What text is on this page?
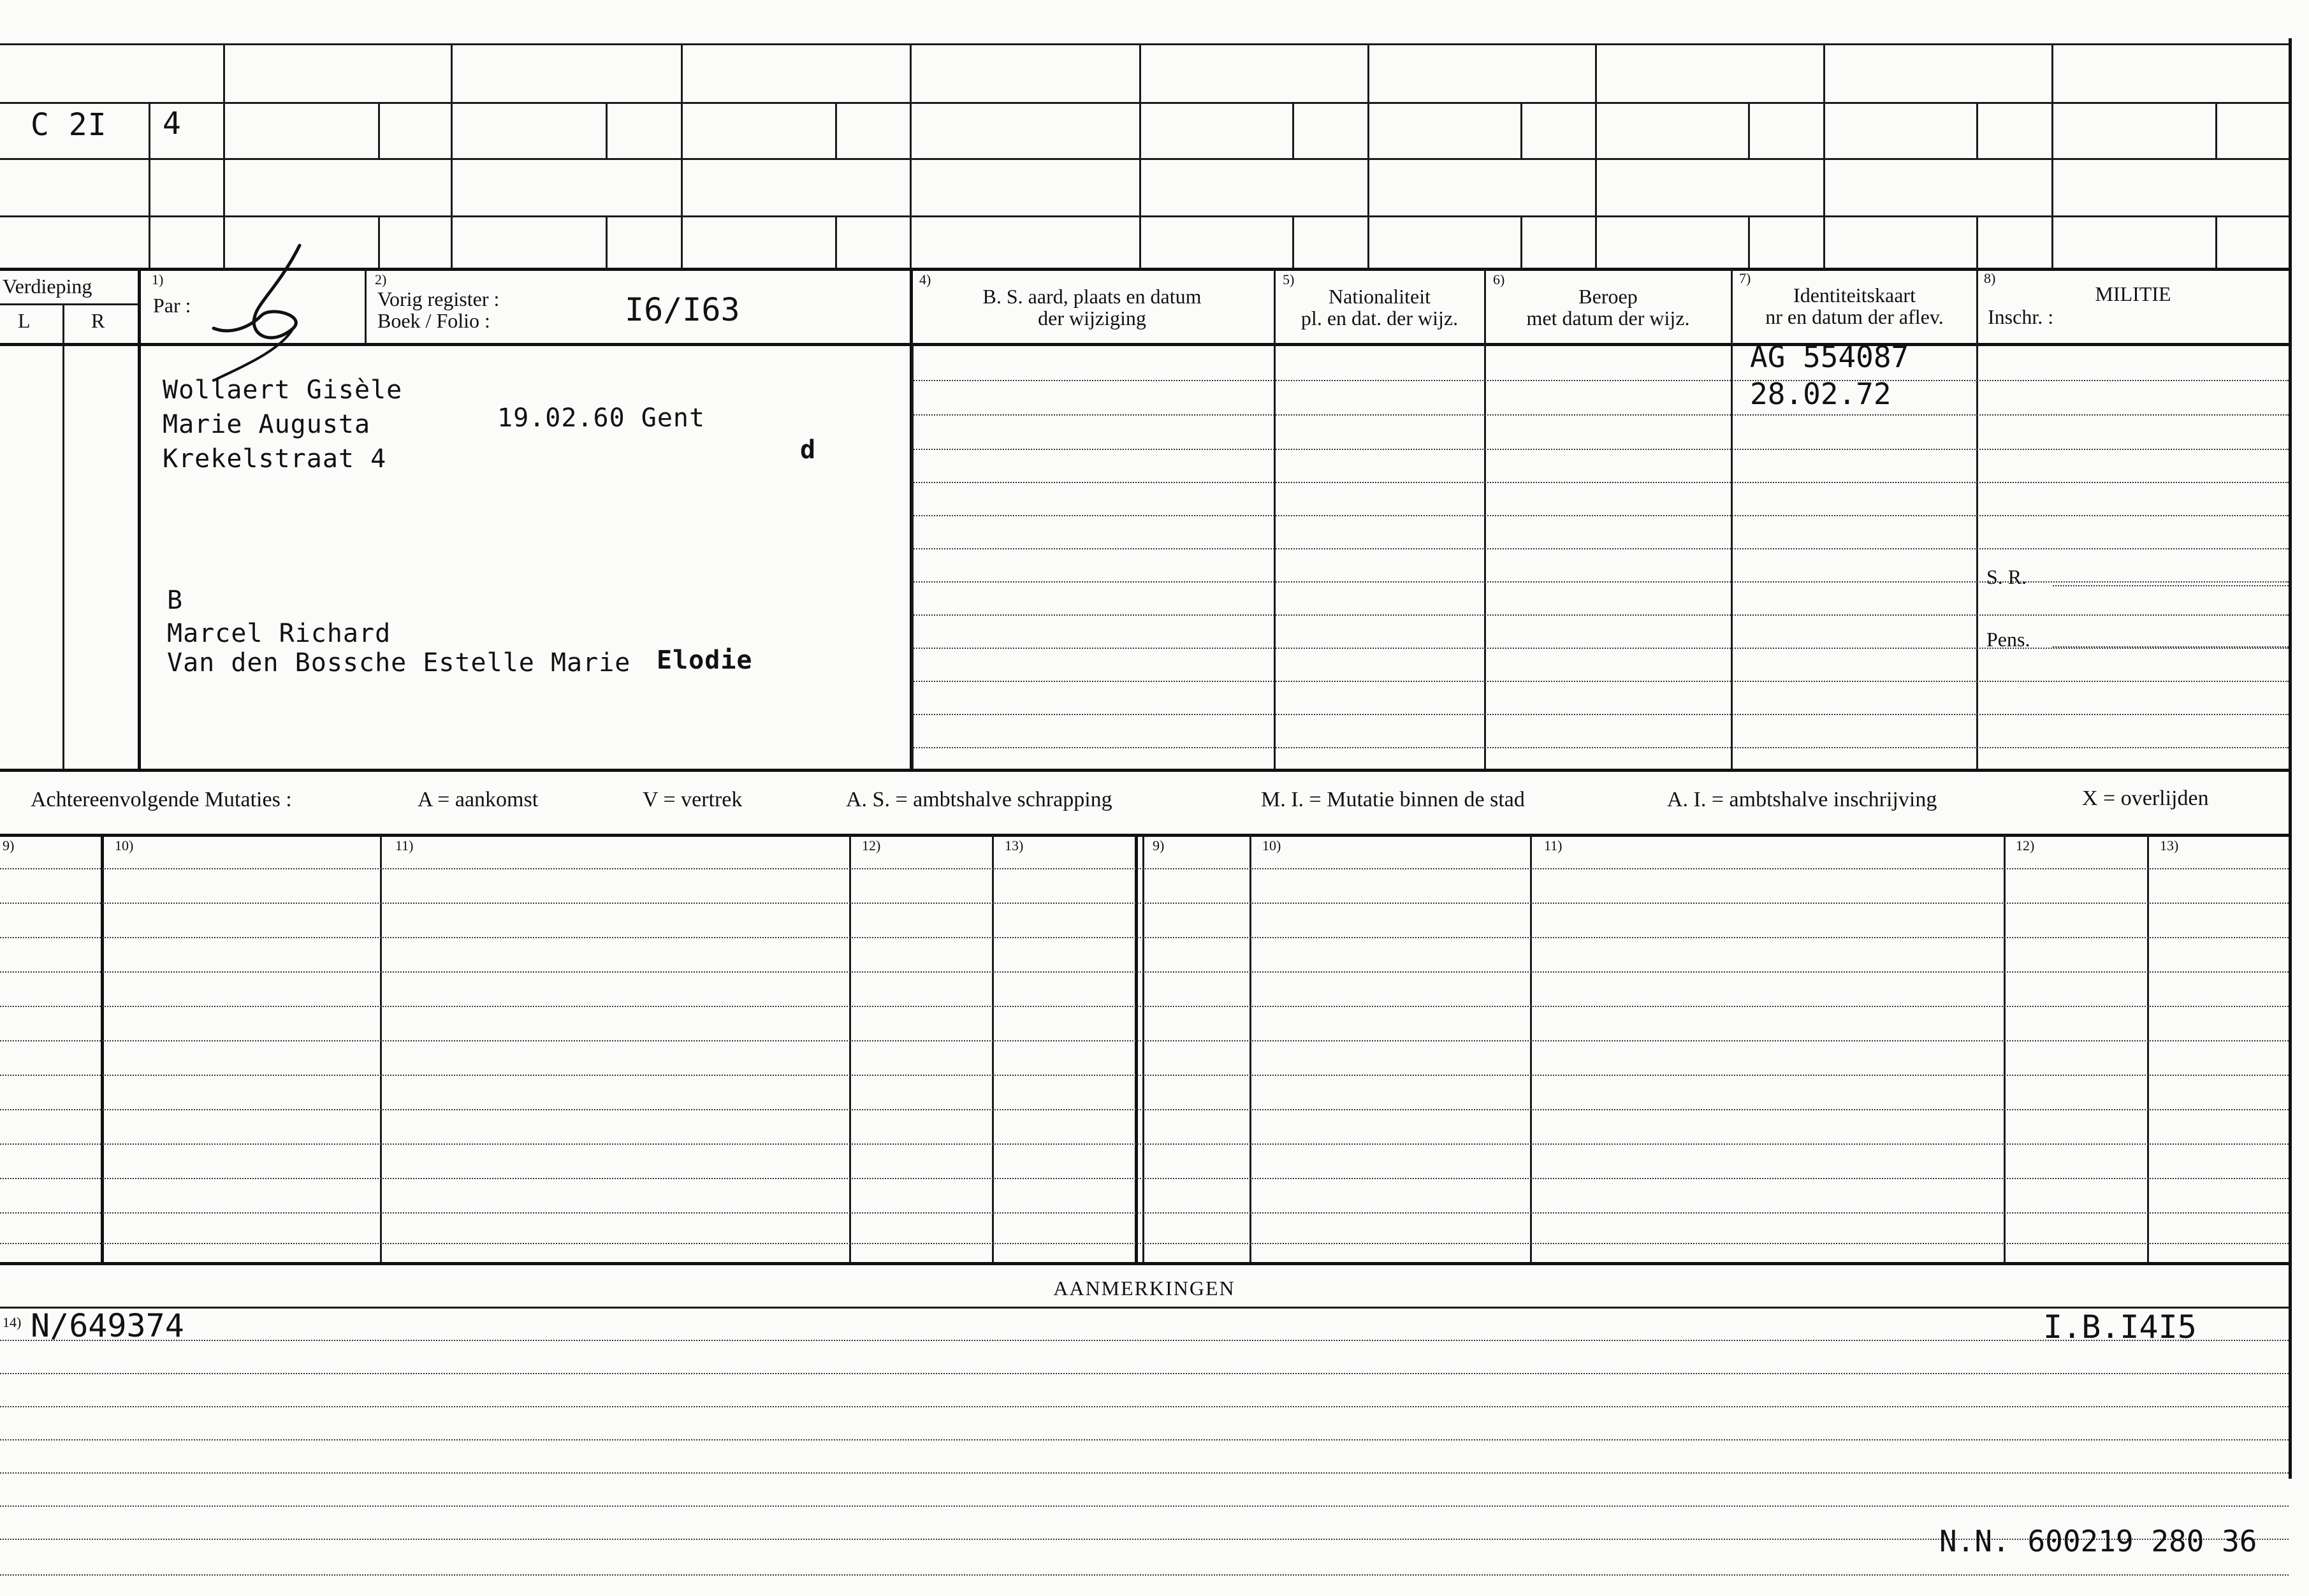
C 2I 4
Verdieping
L	R
1)
Par :
2)
Vorig register :
Boek / Folio :	I6/I63
4)
B. S. aard, plaats en datum
der wijziging
5)
Nationaliteit
pl. en dat. der wijz.
6)
Beroep
met datum der wijz.
7)
Identiteitskaart
nr en datum der aflev.
8)
MILITIE
Inschr. :
S. R.
Pens.
Wollaert Gisèle
Marie Augusta
Krekelstraat 4
19.02.60 Gent
d
B
Marcel Richard
Van den Bossche Estelle Marie Elodie
AG 554087
28.02.72
Achtereenvolgende Mutaties :	A = aankomst	V = vertrek	A. S. = ambtshalve schrapping	M. I. = Mutatie binnen de stad	A. I. = ambtshalve inschrijving	X = overlijden
9)	10)	11)	12)	13)	9)	10)	11)	12)	13)
AANMERKINGEN
14) N/649374	I.B.I4I5
N.N. 600219 280 36
